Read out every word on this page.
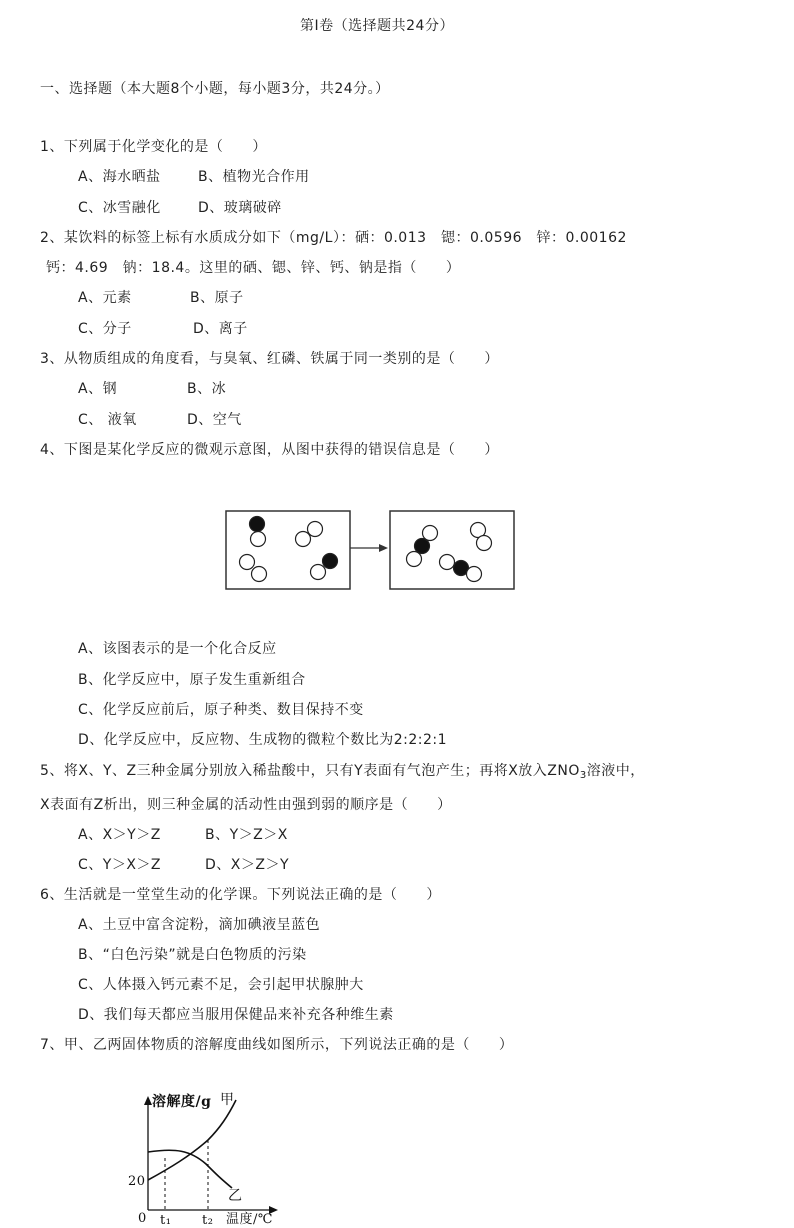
第Ⅰ卷（选择题共24分）
一、选择题（本大题8个小题，每小题3分，共24分。）
1、下列属于化学变化的是（　　）
A、海水晒盐	B、植物光合作用
C、冰雪融化	D、玻璃破碎
2、某饮料的标签上标有水质成分如下（mg/L）：硒：0.013　锶：0.0596　锌：0.00162
钙：4.69　钠：18.4。这里的硒、锶、锌、钙、钠是指（　　）
A、元素	B、原子
C、分子	D、离子
3、从物质组成的角度看，与臭氧、红磷、铁属于同一类别的是（　　）
A、钢	B、冰
C、 液氧	D、空气
4、下图是某化学反应的微观示意图，从图中获得的错误信息是（　　）
A、该图表示的是一个化合反应
B、化学反应中，原子发生重新组合
C、化学反应前后，原子种类、数目保持不变
D、化学反应中，反应物、生成物的微粒个数比为2:2:2:1
5、将X、Y、Z三种金属分别放入稀盐酸中，只有Y表面有气泡产生；再将X放入$ZNO_3$溶液中，
X表面有Z析出，则三种金属的活动性由强到弱的顺序是（　　）
A、X＞Y＞Z	B、Y＞Z＞X
C、Y＞X＞Z	D、X＞Z＞Y
6、生活就是一堂堂生动的化学课。下列说法正确的是（　　）
A、土豆中富含淀粉，滴加碘液呈蓝色
B、“白色污染”就是白色物质的污染
C、人体摄入钙元素不足，会引起甲状腺肿大
D、我们每天都应当服用保健品来补充各种维生素
7、甲、乙两固体物质的溶解度曲线如图所示，下列说法正确的是（　　）
溶解度/g
温度/℃
20
0 t₁ t₂
甲
乙
